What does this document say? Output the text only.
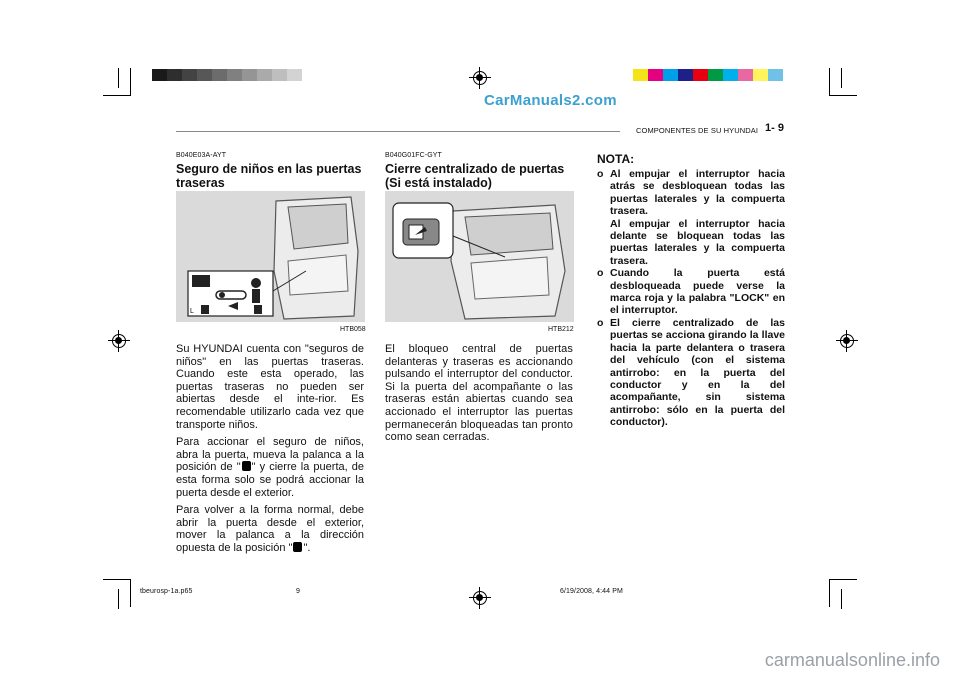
CarManuals2.com
COMPONENTES DE SU HYUNDAI 1- 9
B040E03A-AYT
Seguro de niños en las puertas
traseras
L
HTB058

Su HYUNDAI cuenta con "seguros de niños" en las puertas traseras. Cuando este esta operado, las puertas traseras no pueden ser abiertas desde el inte-rior. Es recomendable utilizarlo cada vez que transporte niños.

Para accionar el seguro de niños, abra la puerta, mueva la palanca a la posición de " " y cierre la puerta, de esta forma solo se podrá accionar la puerta desde el exterior.

Para volver a la forma normal, debe abrir la puerta desde el exterior, mover la palanca a la dirección opuesta de la posición " ".

B040G01FC-GYT
Cierre centralizado de puertas
(Si está instalado)
HTB212

El bloqueo central de puertas delanteras y traseras es accionando pulsando el interruptor del conductor. Si la puerta del acompañante o las traseras están abiertas cuando sea accionado el interruptor las puertas permanecerán bloqueadas tan pronto como sean cerradas.

NOTA:
o Al empujar el interruptor hacia atrás se desbloquean todas las puertas laterales y la compuerta trasera.
Al empujar el interruptor hacia delante se bloquean todas las puertas laterales y la compuerta trasera.
o Cuando la puerta está desbloqueada puede verse la marca roja y la palabra "LOCK" en el interruptor.
o El cierre centralizado de las puertas se acciona girando la llave hacia la parte delantera o trasera del vehículo (con el sistema antirrobo: en la puerta del conductor y en la del acompañante, sin sistema antirrobo: sólo en la puerta del conductor).
tbeurosp-1a.p65	9	6/19/2008, 4:44 PM
carmanualsonline.info
